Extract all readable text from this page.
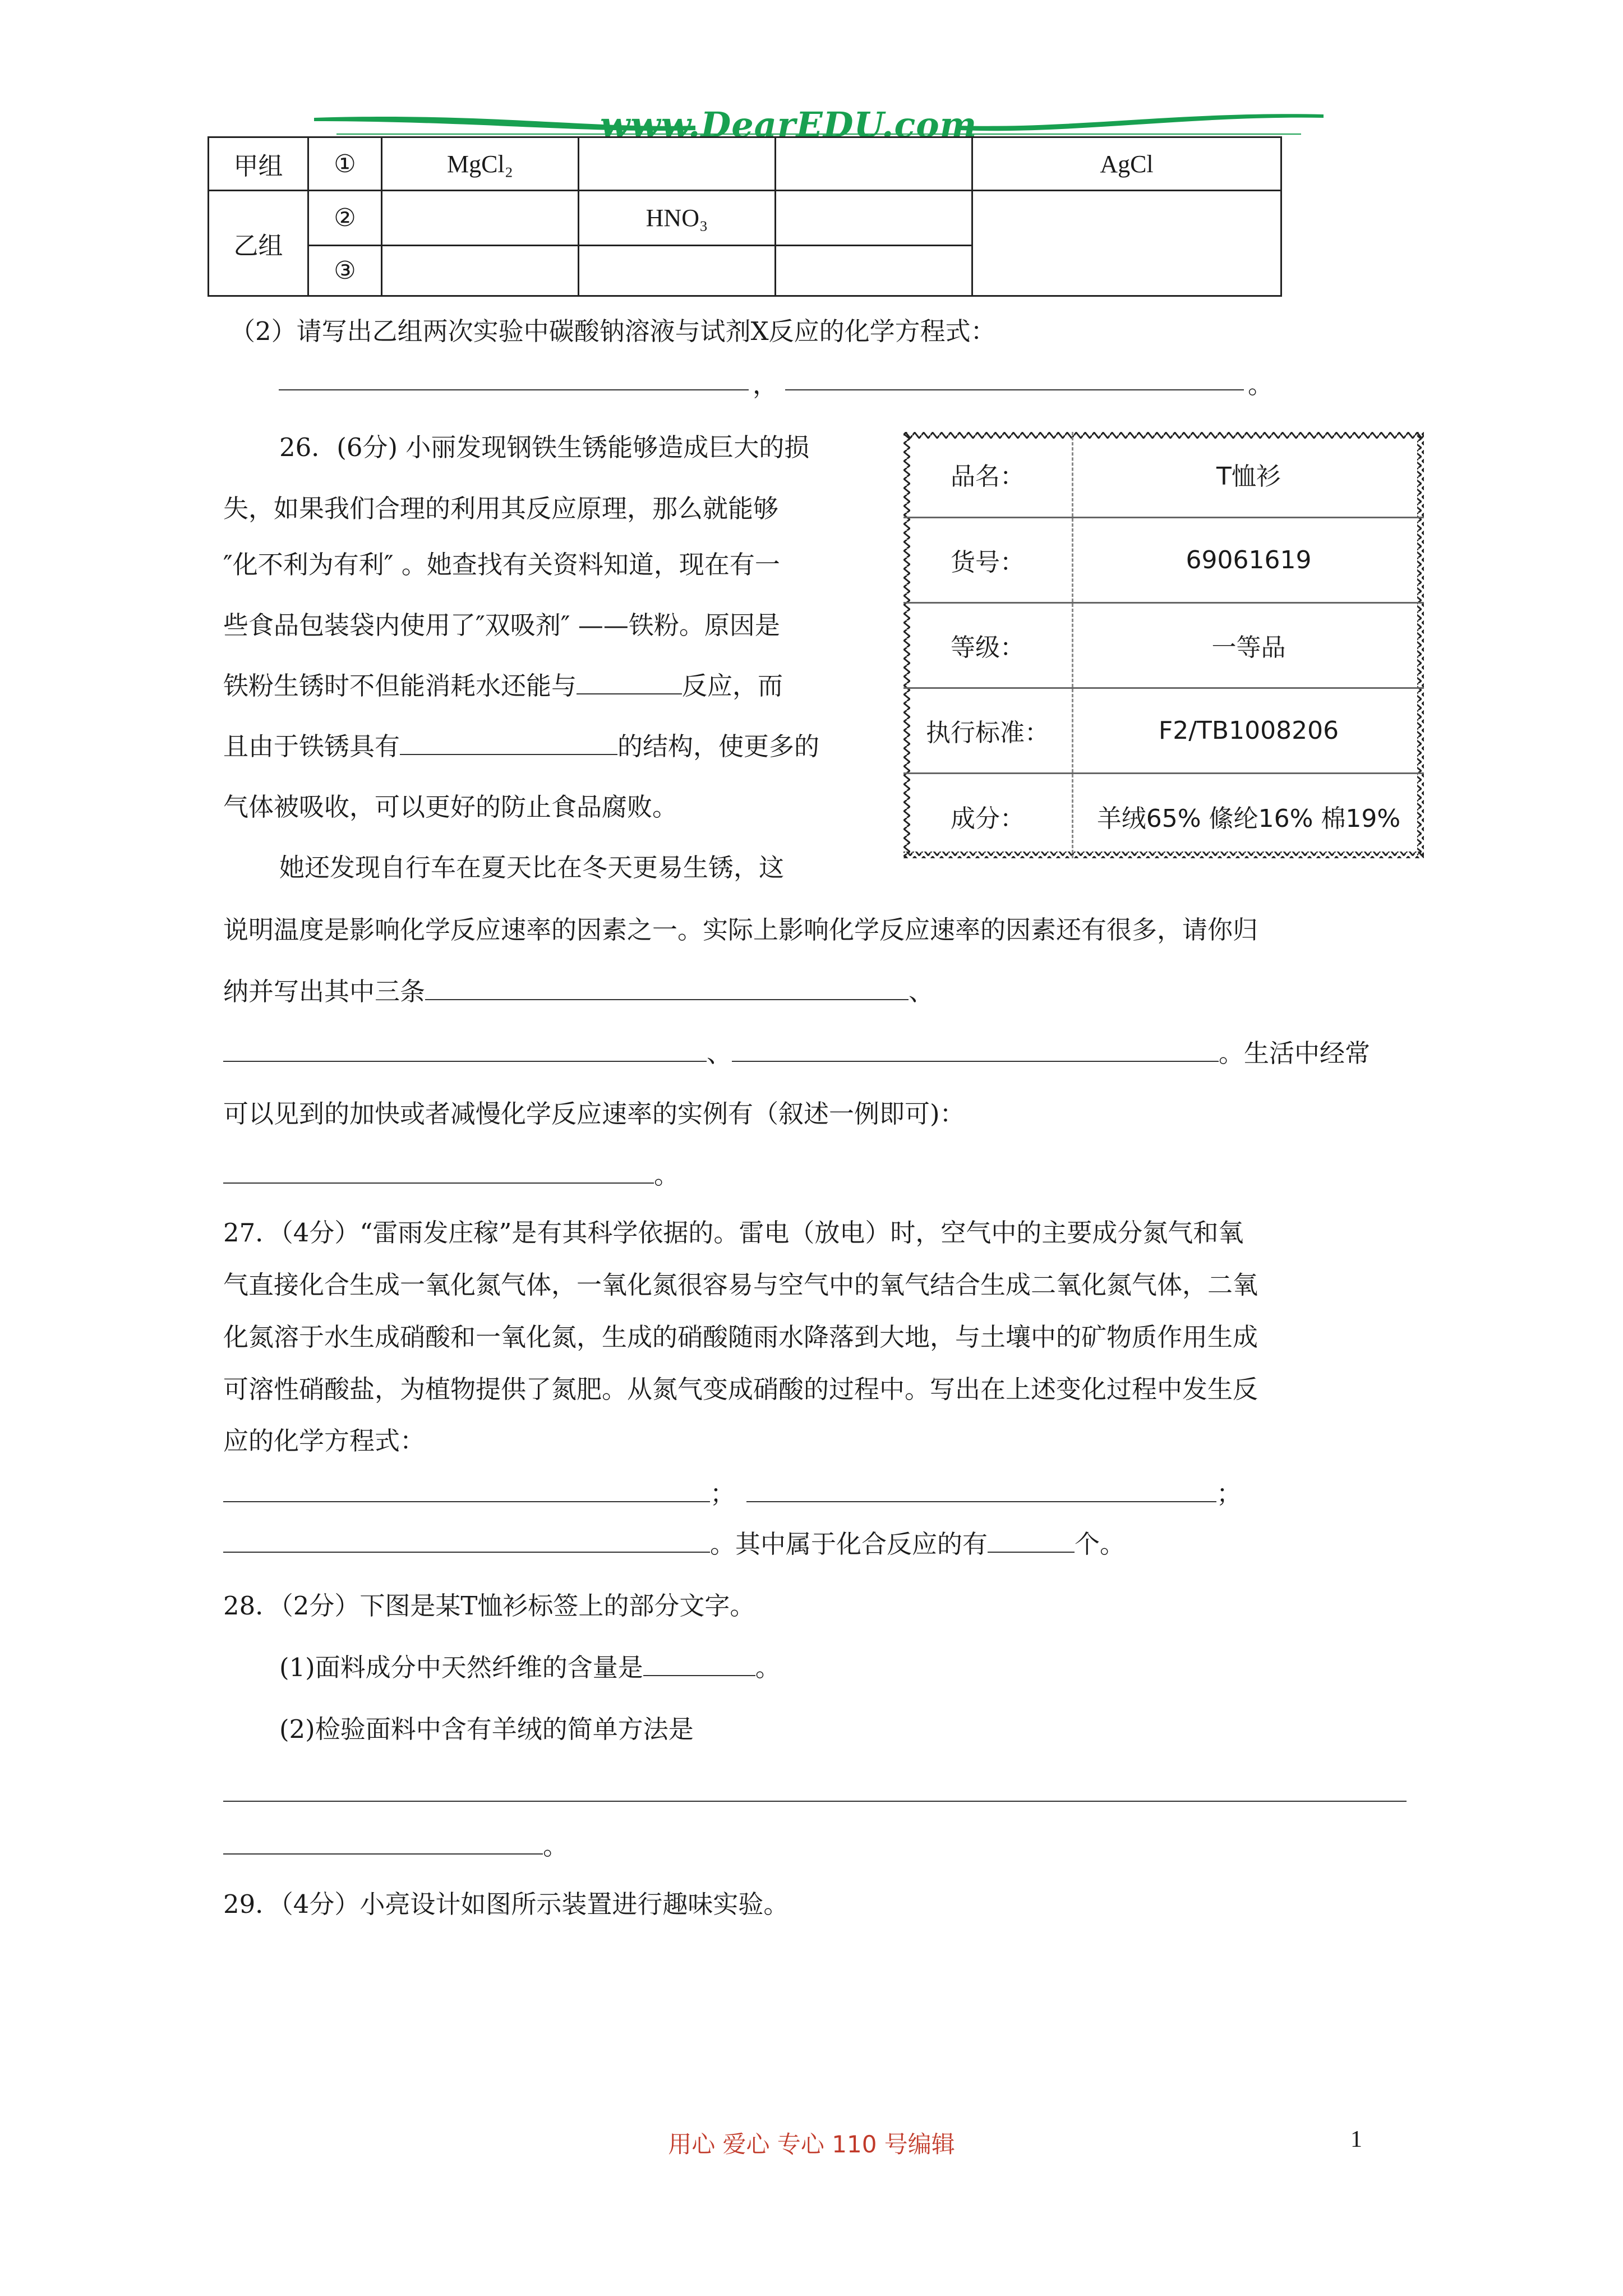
www.DearEDU.com
甲组	①	MgCl₂			AgCl
乙组	②		HNO₃		
	③				
（2）请写出乙组两次实验中碳酸钠溶液与试剂X反应的化学方程式：
，	。
26．(6分) 小丽发现钢铁生锈能够造成巨大的损
失，如果我们合理的利用其反应原理，那么就能够
″化不利为有利″ 。她查找有关资料知道，现在有一
些食品包装袋内使用了″双吸剂″ ——铁粉。原因是
铁粉生锈时不但能消耗水还能与	反应，而
且由于铁锈具有	的结构，使更多的
气体被吸收，可以更好的防止食品腐败。
她还发现自行车在夏天比在冬天更易生锈，这
说明温度是影响化学反应速率的因素之一。实际上影响化学反应速率的因素还有很多，请你归
纳并写出其中三条	、
、	。生活中经常
可以见到的加快或者减慢化学反应速率的实例有（叙述一例即可)：
。
品名：	T恤衫
货号：	69061619
等级：	一等品
执行标准：	F2/TB1008206
成分：	羊绒65% 絛纶16% 棉19%
27．（4分）“雷雨发庄稼”是有其科学依据的。雷电（放电）时，空气中的主要成分氮气和氧
气直接化合生成一氧化氮气体，一氧化氮很容易与空气中的氧气结合生成二氧化氮气体，二氧
化氮溶于水生成硝酸和一氧化氮，生成的硝酸随雨水降落到大地，与土壤中的矿物质作用生成
可溶性硝酸盐，为植物提供了氮肥。从氮气变成硝酸的过程中。写出在上述变化过程中发生反
应的化学方程式：
；	；
。其中属于化合反应的有	个。
28．（2分）下图是某T恤衫标签上的部分文字。
(1)面料成分中天然纤维的含量是	。
(2)检验面料中含有羊绒的简单方法是
。
29．（4分）小亮设计如图所示装置进行趣味实验。
用心 爱心 专心 110 号编辑	1
